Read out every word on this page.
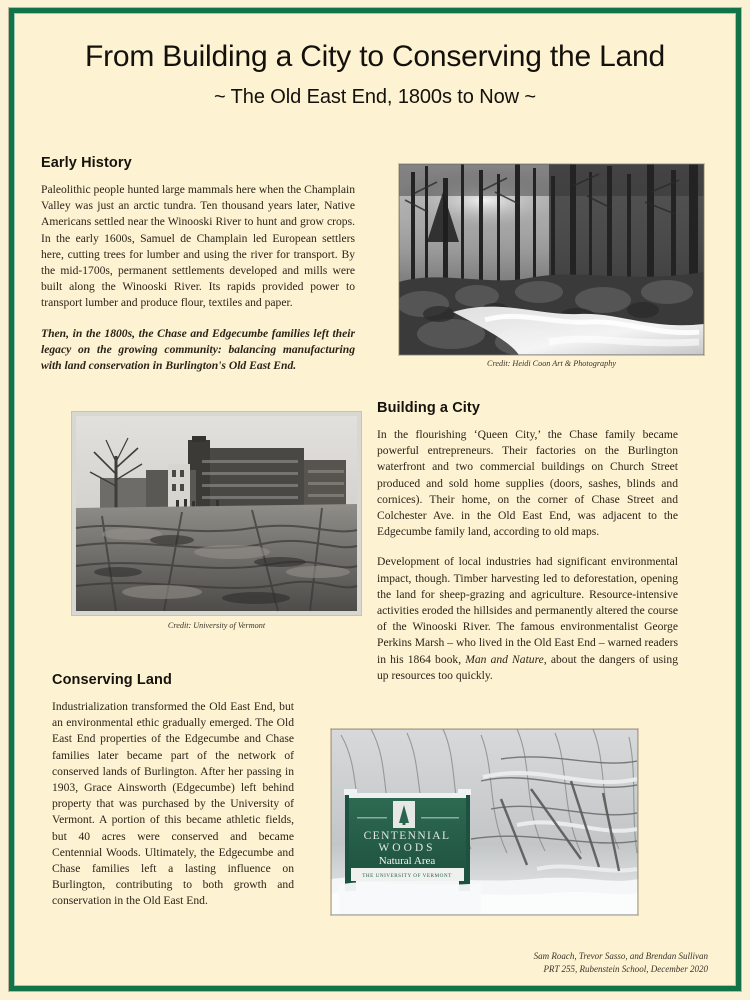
From Building a City to Conserving the Land
~ The Old East End, 1800s to Now ~
Early History

Paleolithic people hunted large mammals here when the Champlain Valley was just an arctic tundra. Ten thousand years later, Native Americans settled near the Winooski River to hunt and grow crops. In the early 1600s, Samuel de Champlain led European settlers here, cutting trees for lumber and using the river for transport. By the mid-1700s, permanent settlements developed and mills were built along the Winooski River. Its rapids provided power to transport lumber and produce flour, textiles and paper.

Then, in the 1800s, the Chase and Edgecumbe families left their legacy on the growing community: balancing manufacturing with land conservation in Burlington's Old East End.	Credit: Heidi Coon Art & Photography
Credit: University of Vermont
Building a City

In the flourishing ‘Queen City,’ the Chase family became powerful entrepreneurs. Their factories on the Burlington waterfront and two commercial buildings on Church Street produced and sold home supplies (doors, sashes, blinds and cornices). Their home, on the corner of Chase Street and Colchester Ave. in the Old East End, was adjacent to the Edgecumbe family land, according to old maps.

Development of local industries had significant environmental impact, though. Timber harvesting led to deforestation, opening the land for sheep-grazing and agriculture. Resource-intensive activities eroded the hillsides and permanently altered the course of the Winooski River. The famous environmentalist George Perkins Marsh – who lived in the Old East End – warned readers in his 1864 book, Man and Nature, about the dangers of using up resources too quickly.

Conserving Land

Industrialization transformed the Old East End, but an environmental ethic gradually emerged. The Old East End properties of the Edgecumbe and Chase families later became part of the network of conserved lands of Burlington. After her passing in 1903, Grace Ainsworth (Edgecumbe) left behind property that was purchased by the University of Vermont. A portion of this became athletic fields, but 40 acres were conserved and became Centennial Woods. Ultimately, the Edgecumbe and Chase families left a lasting influence on Burlington, contributing to both growth and conservation in the Old East End.

CENTENNIAL
WOODS
Natural Area
THE UNIVERSITY OF VERMONT
Sam Roach, Trevor Sasso, and Brendan Sullivan
PRT 255, Rubenstein School, December 2020
